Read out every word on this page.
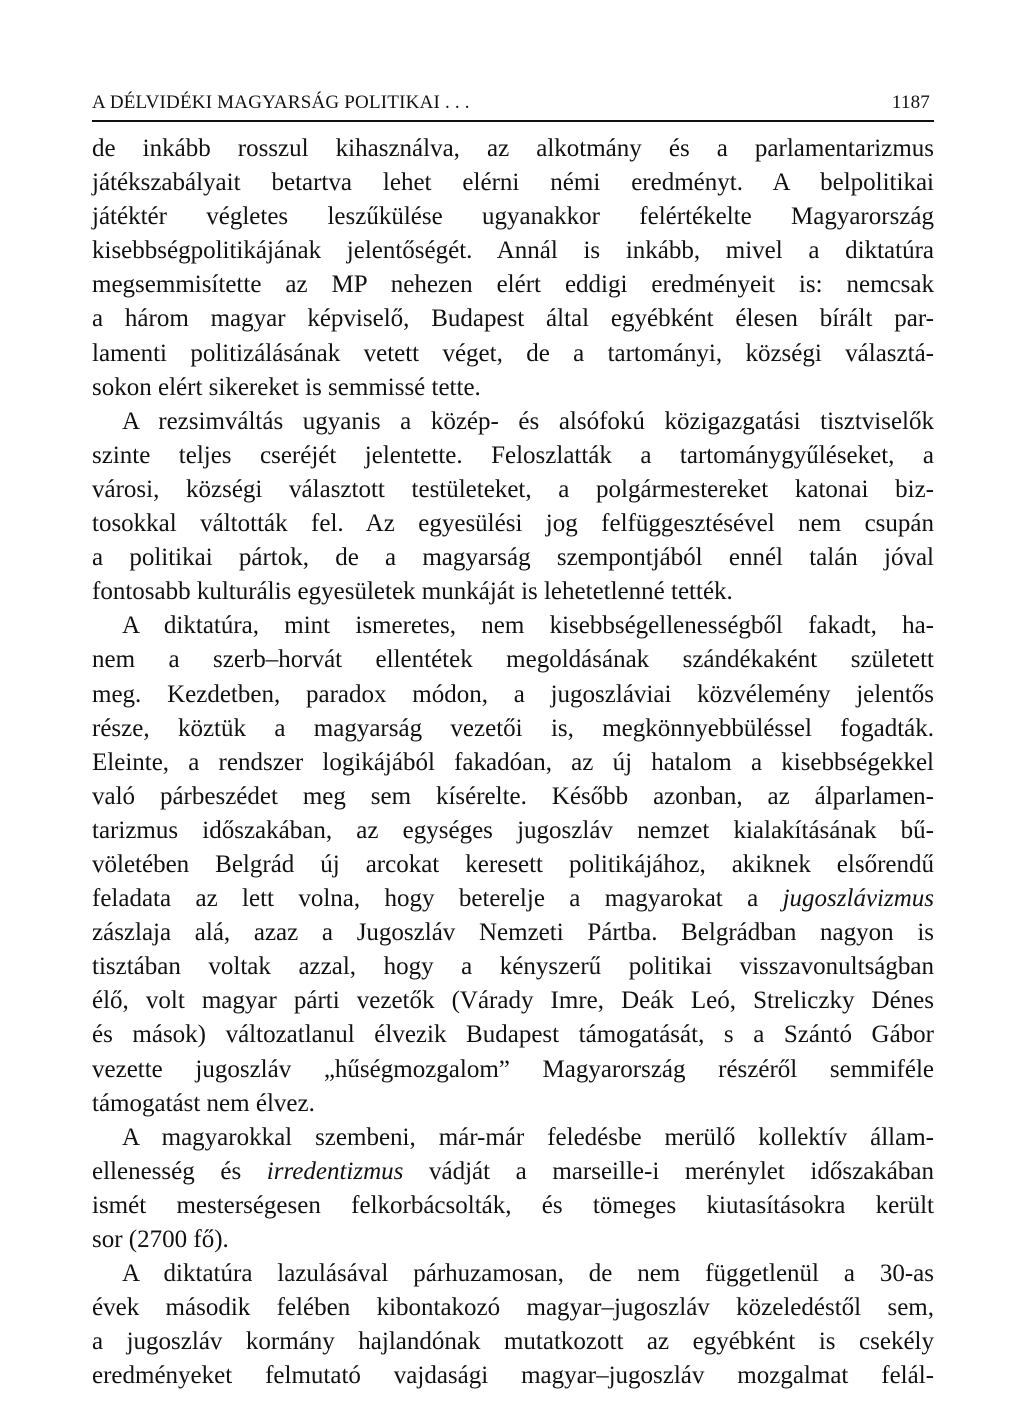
A DÉLVIDÉKI MAGYARSÁG POLITIKAI . . .	1187
de inkább rosszul kihasználva, az alkotmány és a parlamentarizmus
játékszabályait betartva lehet elérni némi eredményt. A belpolitikai
játéktér végletes leszűkülése ugyanakkor felértékelte Magyarország
kisebbségpolitikájának jelentőségét. Annál is inkább, mivel a diktatúra
megsemmisítette az MP nehezen elért eddigi eredményeit is: nemcsak
a három magyar képviselő, Budapest által egyébként élesen bírált par-
lamenti politizálásának vetett véget, de a tartományi, községi választá-
sokon elért sikereket is semmissé tette.
A rezsimváltás ugyanis a közép- és alsófokú közigazgatási tisztviselők
szinte teljes cseréjét jelentette. Feloszlatták a tartománygyűléseket, a
városi, községi választott testületeket, a polgármestereket katonai biz-
tosokkal váltották fel. Az egyesülési jog felfüggesztésével nem csupán
a politikai pártok, de a magyarság szempontjából ennél talán jóval
fontosabb kulturális egyesületek munkáját is lehetetlenné tették.
A diktatúra, mint ismeretes, nem kisebbségellenességből fakadt, ha-
nem a szerb–horvát ellentétek megoldásának szándékaként született
meg. Kezdetben, paradox módon, a jugoszláviai közvélemény jelentős
része, köztük a magyarság vezetői is, megkönnyebbüléssel fogadták.
Eleinte, a rendszer logikájából fakadóan, az új hatalom a kisebbségekkel
való párbeszédet meg sem kísérelte. Később azonban, az álparlamen-
tarizmus időszakában, az egységes jugoszláv nemzet kialakításának bű-
völetében Belgrád új arcokat keresett politikájához, akiknek elsőrendű
feladata az lett volna, hogy beterelje a magyarokat a jugoszlávizmus
zászlaja alá, azaz a Jugoszláv Nemzeti Pártba. Belgrádban nagyon is
tisztában voltak azzal, hogy a kényszerű politikai visszavonultságban
élő, volt magyar párti vezetők (Várady Imre, Deák Leó, Streliczky Dénes
és mások) változatlanul élvezik Budapest támogatását, s a Szántó Gábor
vezette jugoszláv „hűségmozgalom” Magyarország részéről semmiféle
támogatást nem élvez.
A magyarokkal szembeni, már-már feledésbe merülő kollektív állam-
ellenesség és irredentizmus vádját a marseille-i merénylet időszakában
ismét mesterségesen felkorbácsolták, és tömeges kiutasításokra került
sor (2700 fő).
A diktatúra lazulásával párhuzamosan, de nem függetlenül a 30-as
évek második felében kibontakozó magyar–jugoszláv közeledéstől sem,
a jugoszláv kormány hajlandónak mutatkozott az egyébként is csekély
eredményeket felmutató vajdasági magyar–jugoszláv mozgalmat felál-
